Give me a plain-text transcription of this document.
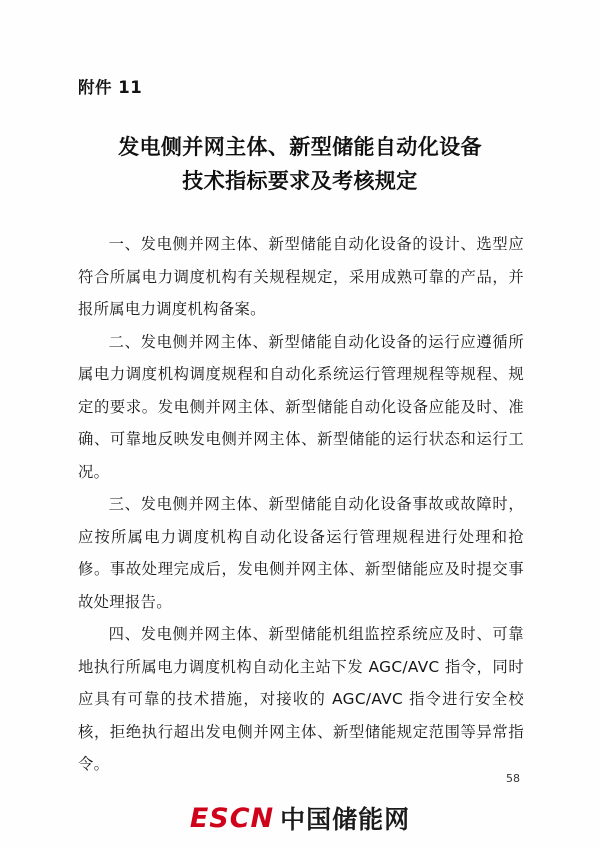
附件 11
发电侧并网主体、新型储能自动化设备
技术指标要求及考核规定

一、发电侧并网主体、新型储能自动化设备的设计、选型应符合所属电力调度机构有关规程规定，采用成熟可靠的产品，并报所属电力调度机构备案。

二、发电侧并网主体、新型储能自动化设备的运行应遵循所属电力调度机构调度规程和自动化系统运行管理规程等规程、规定的要求。发电侧并网主体、新型储能自动化设备应能及时、准确、可靠地反映发电侧并网主体、新型储能的运行状态和运行工况。

三、发电侧并网主体、新型储能自动化设备事故或故障时，应按所属电力调度机构自动化设备运行管理规程进行处理和抢修。事故处理完成后，发电侧并网主体、新型储能应及时提交事故处理报告。

四、发电侧并网主体、新型储能机组监控系统应及时、可靠地执行所属电力调度机构自动化主站下发 AGC/AVC 指令，同时应具有可靠的技术措施，对接收的 AGC/AVC 指令进行安全校核，拒绝执行超出发电侧并网主体、新型储能规定范围等异常指令。

58
ESCN 中国储能网
